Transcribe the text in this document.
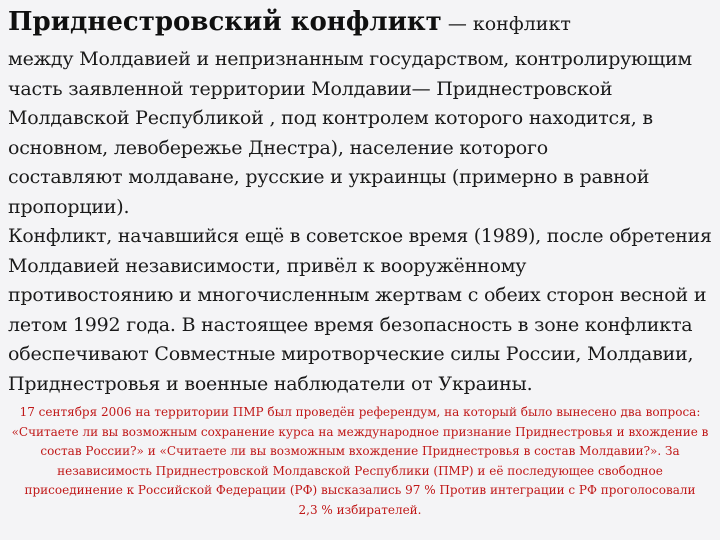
Приднестровский конфликт — конфликт

между Молдавией и непризнанным государством, контролирующим
часть заявленной территории Молдавии— Приднестровской
Молдавской Республикой , под контролем которого находится, в
основном, левобережье Днестра), население которого
составляют молдаване, русские и украинцы (примерно в равной
пропорции).
Конфликт, начавшийся ещё в советское время (1989), после обретения
Молдавией независимости, привёл к вооружённому
противостоянию и многочисленным жертвам с обеих сторон весной и
летом 1992 года. В настоящее время безопасность в зоне конфликта
обеспечивают Совместные миротворческие силы России, Молдавии,
Приднестровья и военные наблюдатели от Украины.
17 сентября 2006 на территории ПМР был проведён референдум, на который было вынесено два вопроса:
«Считаете ли вы возможным сохранение курса на международное признание Приднестровья и вхождение в
состав России?» и «Считаете ли вы возможным вхождение Приднестровья в состав Молдавии?». За
независимость Приднестровской Молдавской Республики (ПМР) и её последующее свободное
присоединение к Российской Федерации (РФ) высказались 97 % Против интеграции с РФ проголосовали
2,3 % избирателей.
